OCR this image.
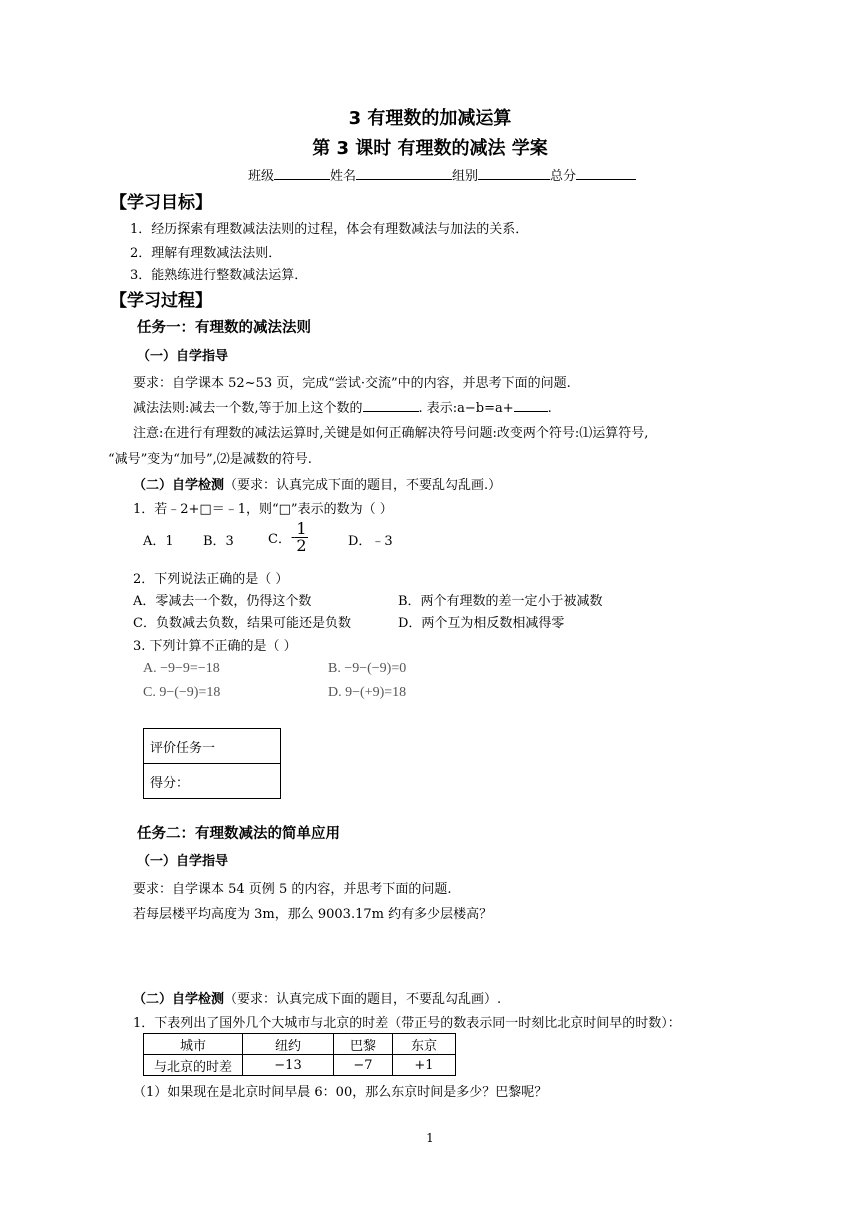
3 有理数的加减运算
第 3 课时 有理数的减法 学案
班级	姓名	组别	总分
【学习目标】
1．经历探索有理数减法法则的过程，体会有理数减法与加法的关系．
2．理解有理数减法法则．
3．能熟练进行整数减法运算．
【学习过程】
任务一：有理数的减法法则
（一）自学指导
要求：自学课本 52~53 页，完成“尝试·交流”中的内容，并思考下面的问题.
减法法则:减去一个数,等于加上这个数的	. 表示:a−b=a+	.
注意:在进行有理数的减法运算时,关键是如何正确解决符号问题:改变两个符号:⑴运算符号,
“减号”变为“加号”,⑵是减数的符号.
（二）自学检测（要求：认真完成下面的题目，不要乱勾乱画.）
1．若﹣2+□＝﹣1，则“□”表示的数为（ ）
A．1 B．3	C．- $\frac{1}{2}$	D．﹣3
2．下列说法正确的是（ ）
A．零减去一个数，仍得这个数	B．两个有理数的差一定小于被减数
C．负数减去负数，结果可能还是负数	D．两个互为相反数相减得零
3. 下列计算不正确的是（ ）
A. −9−9=−18	B. −9−(−9)=0
C. 9−(−9)=18	D. 9−(+9)=18
评价任务一
得分：
任务二：有理数减法的简单应用
（一）自学指导
要求：自学课本 54 页例 5 的内容，并思考下面的问题.
若每层楼平均高度为 3m，那么 9003.17m 约有多少层楼高？
（二）自学检测（要求：认真完成下面的题目，不要乱勾乱画）.
1．下表列出了国外几个大城市与北京的时差（带正号的数表示同一时刻比北京时间早的时数）：
城市	纽约	巴黎	东京
与北京的时差	−13	−7	+1
（1）如果现在是北京时间早晨 6：00，那么东京时间是多少？巴黎呢？
1
